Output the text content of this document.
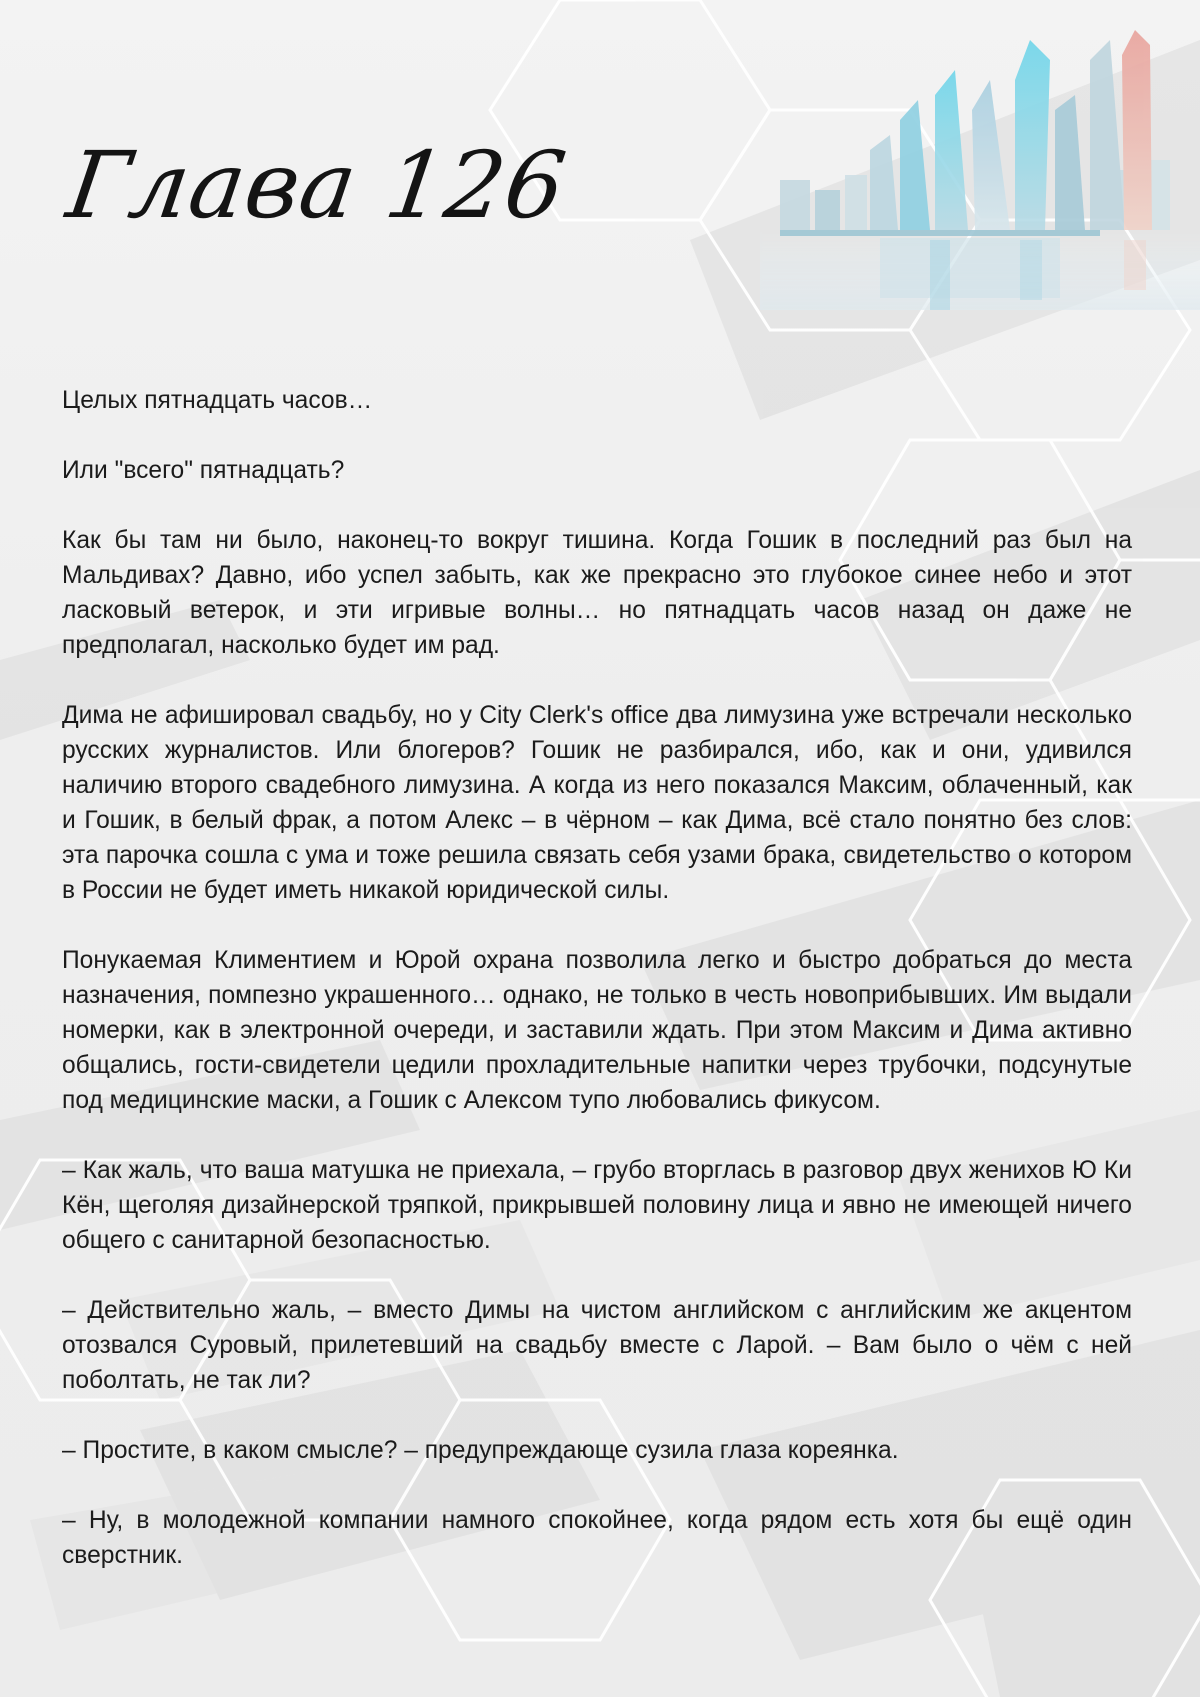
Глава 126

Целых пятнадцать часов…

Или "всего" пятнадцать?

Как бы там ни было, наконец-то вокруг тишина. Когда Гошик в последний раз был на Мальдивах? Давно, ибо успел забыть, как же прекрасно это глубокое синее небо и этот ласковый ветерок, и эти игривые волны… но пятнадцать часов назад он даже не предполагал, насколько будет им рад.

Дима не афишировал свадьбу, но у City Clerk's office два лимузина уже встречали несколько русских журналистов. Или блогеров? Гошик не разбирался, ибо, как и они, удивился наличию второго свадебного лимузина. А когда из него показался Максим, облаченный, как и Гошик, в белый фрак, а потом Алекс – в чёрном – как Дима, всё стало понятно без слов: эта парочка сошла с ума и тоже решила связать себя узами брака, свидетельство о котором в России не будет иметь никакой юридической силы.

Понукаемая Климентием и Юрой охрана позволила легко и быстро добраться до места назначения, помпезно украшенного… однако, не только в честь новоприбывших. Им выдали номерки, как в электронной очереди, и заставили ждать. При этом Максим и Дима активно общались, гости-свидетели цедили прохладительные напитки через трубочки, подсунутые под медицинские маски, а Гошик с Алексом тупо любовались фикусом.

– Как жаль, что ваша матушка не приехала, – грубо вторглась в разговор двух женихов Ю Ки Кён, щеголяя дизайнерской тряпкой, прикрывшей половину лица и явно не имеющей ничего общего с санитарной безопасностью.

– Действительно жаль, – вместо Димы на чистом английском с английским же акцентом отозвался Суровый, прилетевший на свадьбу вместе с Ларой. – Вам было о чём с ней поболтать, не так ли?

– Простите, в каком смысле? – предупреждающе сузила глаза кореянка.

– Ну, в молодежной компании намного спокойнее, когда рядом есть хотя бы ещё один сверстник.
